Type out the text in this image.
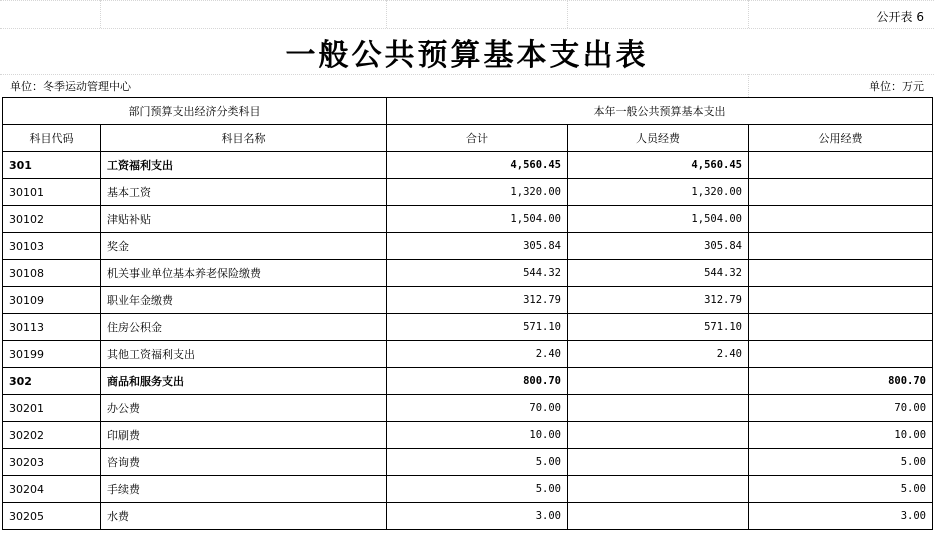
公开表 6
一般公共预算基本支出表
单位：冬季运动管理中心	单位：万元
部门预算支出经济分类科目		本年一般公共预算基本支出		
科目代码	科目名称	合计	人员经费	公用经费
301	工资福利支出	4,560.45	4,560.45	
30101	基本工资	1,320.00	1,320.00	
30102	津贴补贴	1,504.00	1,504.00	
30103	奖金	305.84	305.84	
30108	机关事业单位基本养老保险缴费	544.32	544.32	
30109	职业年金缴费	312.79	312.79	
30113	住房公积金	571.10	571.10	
30199	其他工资福利支出	2.40	2.40	
302	商品和服务支出	800.70		800.70
30201	办公费	70.00		70.00
30202	印刷费	10.00		10.00
30203	咨询费	5.00		5.00
30204	手续费	5.00		5.00
30205	水费	3.00		3.00
